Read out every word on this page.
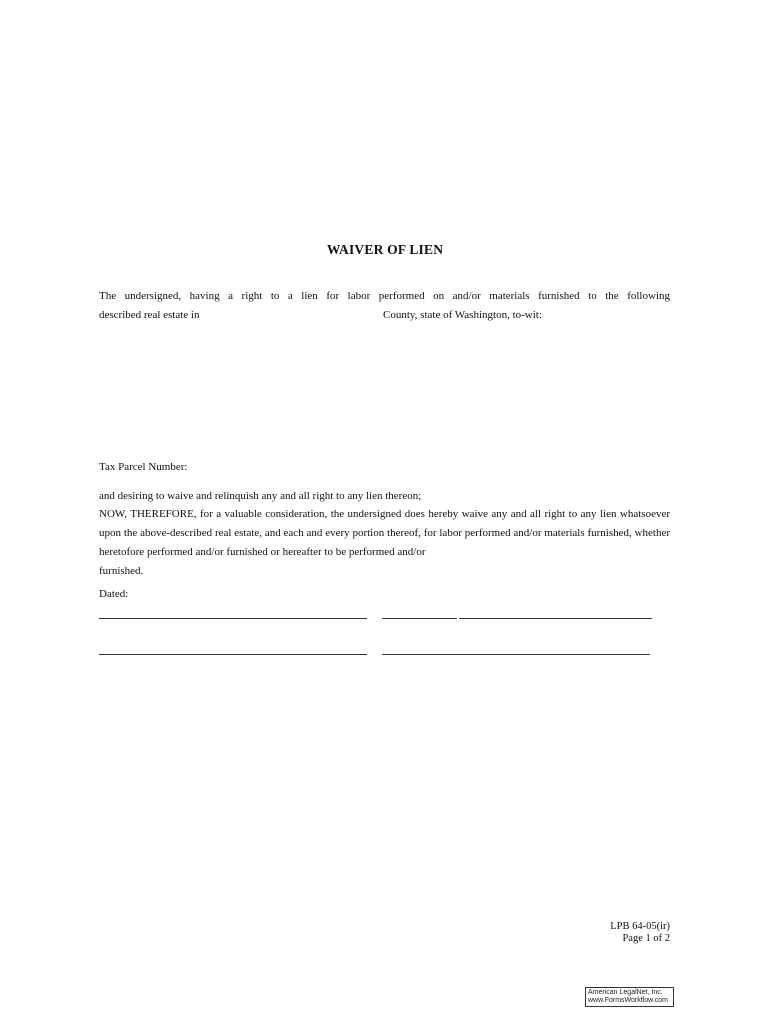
WAIVER OF LIEN
The undersigned, having a right to a lien for labor performed on and/or materials furnished to the following
described real estate in	County, state of Washington, to-wit:
Tax Parcel Number:
and desiring to waive and relinquish any and all right to any lien thereon;
NOW, THEREFORE, for a valuable consideration, the undersigned does hereby waive any and all right to any lien whatsoever upon the above-described real estate, and each and every portion thereof, for labor performed and/or materials furnished, whether heretofore performed and/or furnished or hereafter to be performed and/or
furnished.
Dated:
LPB 64-05(ir)
Page 1 of 2
American LegalNet, Inc.
www.FormsWorkflow.com
